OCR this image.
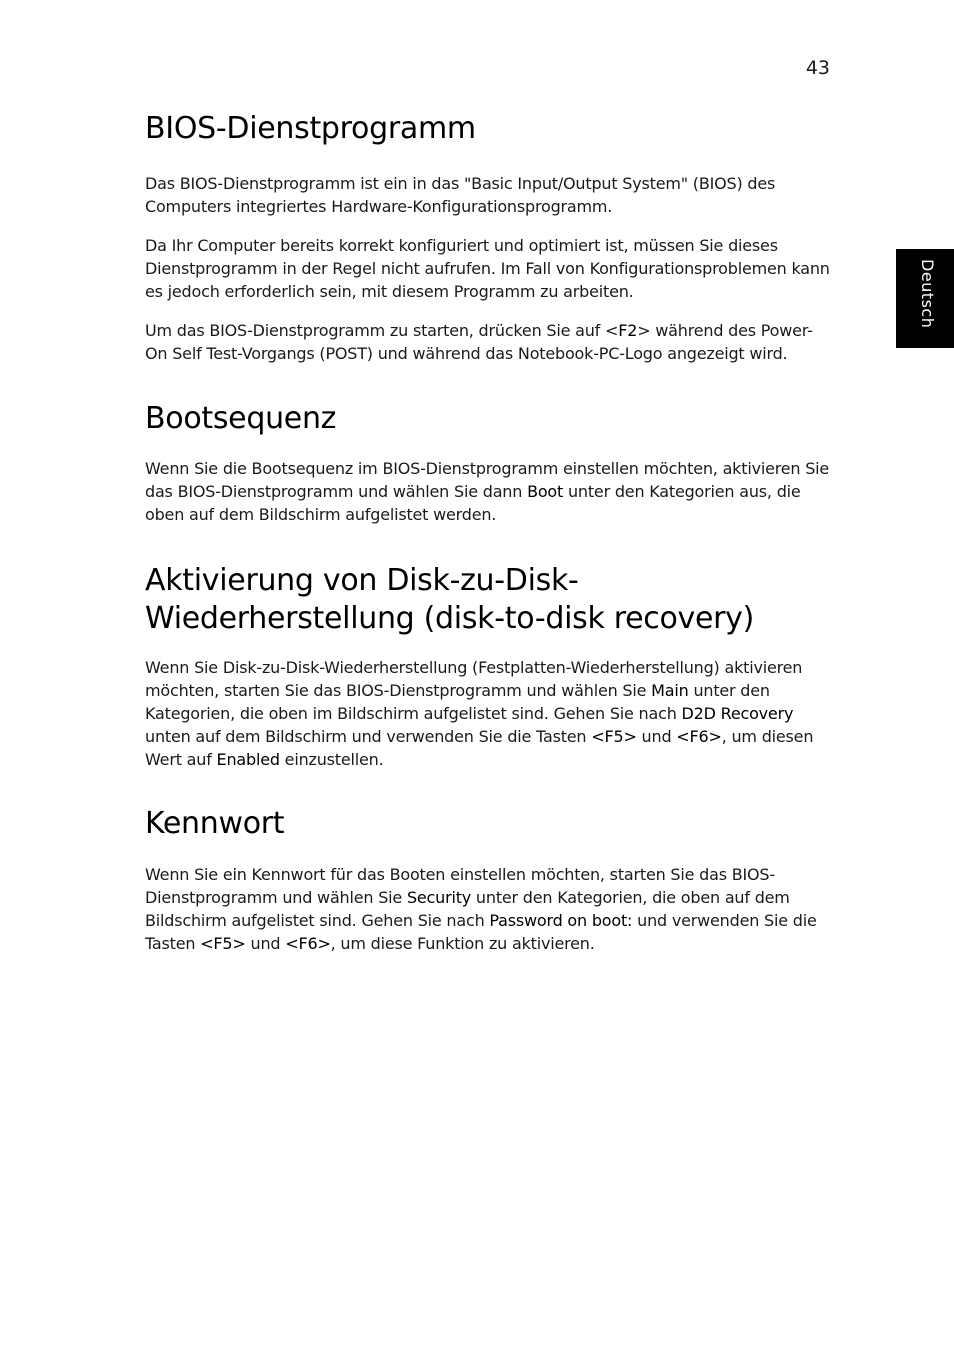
43
Deutsch
BIOS-Dienstprogramm

Das BIOS-Dienstprogramm ist ein in das "Basic Input/Output System" (BIOS) des Computers integriertes Hardware-Konfigurationsprogramm.

Da Ihr Computer bereits korrekt konfiguriert und optimiert ist, müssen Sie dieses Dienstprogramm in der Regel nicht aufrufen. Im Fall von Konfigurationsproblemen kann es jedoch erforderlich sein, mit diesem Programm zu arbeiten.

Um das BIOS-Dienstprogramm zu starten, drücken Sie auf <F2> während des Power-On Self Test-Vorgangs (POST) und während das Notebook-PC-Logo angezeigt wird.

Bootsequenz

Wenn Sie die Bootsequenz im BIOS-Dienstprogramm einstellen möchten, aktivieren Sie das BIOS-Dienstprogramm und wählen Sie dann Boot unter den Kategorien aus, die oben auf dem Bildschirm aufgelistet werden.

Aktivierung von Disk-zu-Disk-
Wiederherstellung (disk-to-disk recovery)

Wenn Sie Disk-zu-Disk-Wiederherstellung (Festplatten-Wiederherstellung) aktivieren möchten, starten Sie das BIOS-Dienstprogramm und wählen Sie Main unter den Kategorien, die oben im Bildschirm aufgelistet sind. Gehen Sie nach D2D Recovery unten auf dem Bildschirm und verwenden Sie die Tasten <F5> und <F6>, um diesen Wert auf Enabled einzustellen.

Kennwort

Wenn Sie ein Kennwort für das Booten einstellen möchten, starten Sie das BIOS-Dienstprogramm und wählen Sie Security unter den Kategorien, die oben auf dem Bildschirm aufgelistet sind. Gehen Sie nach Password on boot: und verwenden Sie die Tasten <F5> und <F6>, um diese Funktion zu aktivieren.
